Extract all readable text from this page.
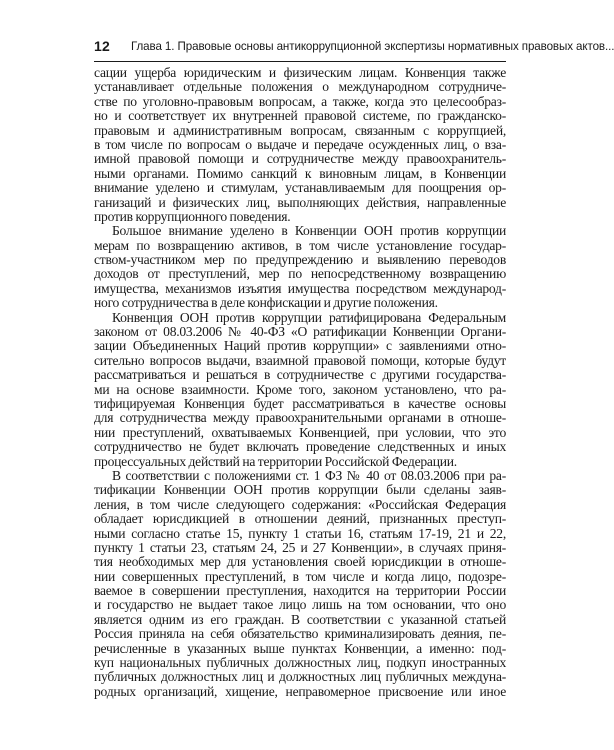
12 Глава 1. Правовые основы антикоррупционной экспертизы нормативных правовых актов...

сации ущерба юридическим и физическим лицам. Конвенция также
устанавливает отдельные положения о международном сотрудниче-
стве по уголовно-правовым вопросам, а также, когда это целесообраз-
но и соответствует их внутренней правовой системе, по гражданско-
правовым и административным вопросам, связанным с коррупцией,
в том числе по вопросам о выдаче и передаче осужденных лиц, о вза-
имной правовой помощи и сотрудничестве между правоохранитель-
ными органами. Помимо санкций к виновным лицам, в Конвенции
внимание уделено и стимулам, устанавливаемым для поощрения ор-
ганизаций и физических лиц, выполняющих действия, направленные
против коррупционного поведения.

Большое внимание уделено в Конвенции ООН против коррупции
мерам по возвращению активов, в том числе установление государ-
ством-участником мер по предупреждению и выявлению переводов
доходов от преступлений, мер по непосредственному возвращению
имущества, механизмов изъятия имущества посредством международ-
ного сотрудничества в деле конфискации и другие положения.

Конвенция ООН против коррупции ратифицирована Федеральным
законом от 08.03.2006 № 40-ФЗ «О ратификации Конвенции Органи-
зации Объединенных Наций против коррупции» с заявлениями отно-
сительно вопросов выдачи, взаимной правовой помощи, которые будут
рассматриваться и решаться в сотрудничестве с другими государства-
ми на основе взаимности. Кроме того, законом установлено, что ра-
тифицируемая Конвенция будет рассматриваться в качестве основы
для сотрудничества между правоохранительными органами в отноше-
нии преступлений, охватываемых Конвенцией, при условии, что это
сотрудничество не будет включать проведение следственных и иных
процессуальных действий на территории Российской Федерации.

В соответствии с положениями ст. 1 ФЗ № 40 от 08.03.2006 при ра-
тификации Конвенции ООН против коррупции были сделаны заяв-
ления, в том числе следующего содержания: «Российская Федерация
обладает юрисдикцией в отношении деяний, признанных преступ-
ными согласно статье 15, пункту 1 статьи 16, статьям 17-19, 21 и 22,
пункту 1 статьи 23, статьям 24, 25 и 27 Конвенции», в случаях приня-
тия необходимых мер для установления своей юрисдикции в отноше-
нии совершенных преступлений, в том числе и когда лицо, подозре-
ваемое в совершении преступления, находится на территории России
и государство не выдает такое лицо лишь на том основании, что оно
является одним из его граждан. В соответствии с указанной статьей
Россия приняла на себя обязательство криминализировать деяния, пе-
речисленные в указанных выше пунктах Конвенции, а именно: под-
куп национальных публичных должностных лиц, подкуп иностранных
публичных должностных лиц и должностных лиц публичных междуна-
родных организаций, хищение, неправомерное присвоение или иное
